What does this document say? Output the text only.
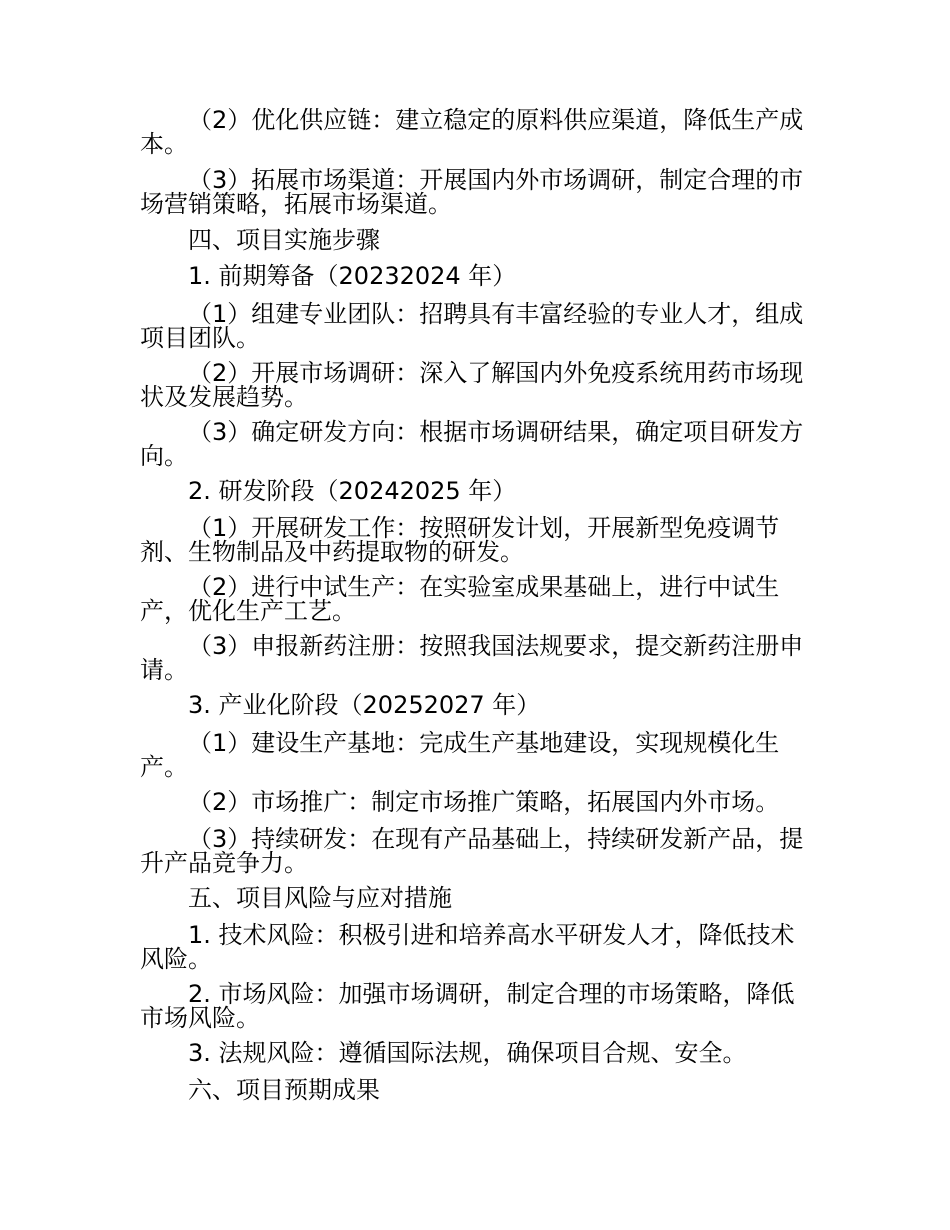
（2）优化供应链：建立稳定的原料供应渠道，降低生产成本。
（3）拓展市场渠道：开展国内外市场调研，制定合理的市场营销策略，拓展市场渠道。
四、项目实施步骤
1. 前期筹备（20232024 年）
（1）组建专业团队：招聘具有丰富经验的专业人才，组成项目团队。
（2）开展市场调研：深入了解国内外免疫系统用药市场现状及发展趋势。
（3）确定研发方向：根据市场调研结果，确定项目研发方向。
2. 研发阶段（20242025 年）
（1）开展研发工作：按照研发计划，开展新型免疫调节剂、生物制品及中药提取物的研发。
（2）进行中试生产：在实验室成果基础上，进行中试生产，优化生产工艺。
（3）申报新药注册：按照我国法规要求，提交新药注册申请。
3. 产业化阶段（20252027 年）
（1）建设生产基地：完成生产基地建设，实现规模化生产。
（2）市场推广：制定市场推广策略，拓展国内外市场。
（3）持续研发：在现有产品基础上，持续研发新产品，提升产品竞争力。
五、项目风险与应对措施
1. 技术风险：积极引进和培养高水平研发人才，降低技术风险。
2. 市场风险：加强市场调研，制定合理的市场策略，降低市场风险。
3. 法规风险：遵循国际法规，确保项目合规、安全。
六、项目预期成果
